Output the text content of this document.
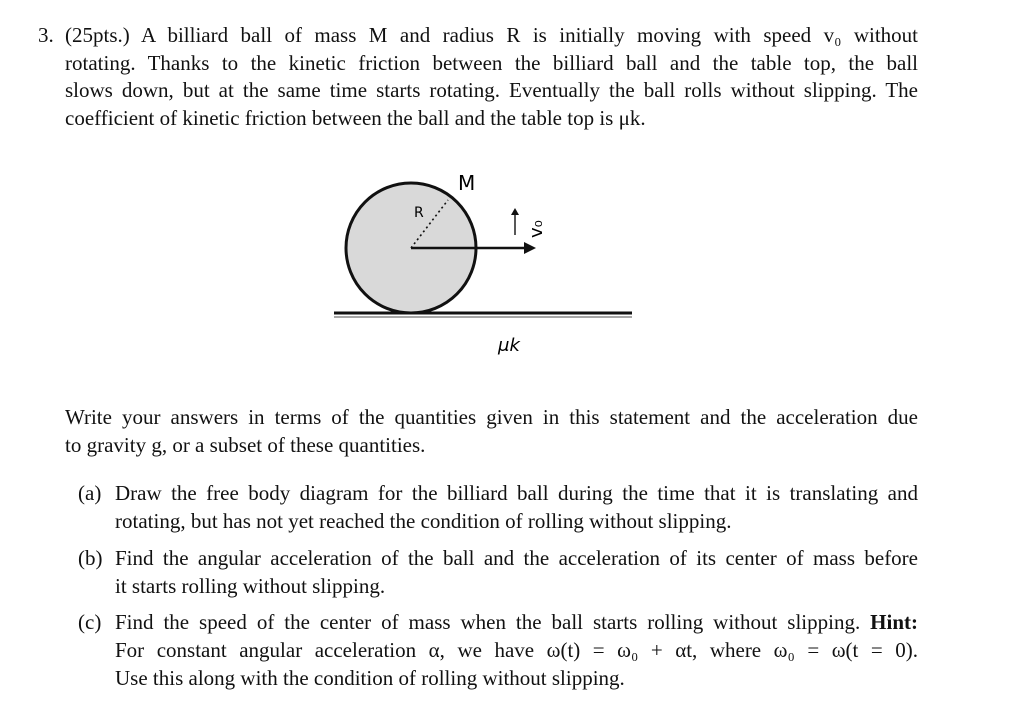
3. (25pts.) A billiard ball of mass M and radius R is initially moving with speed v₀ without
rotating. Thanks to the kinetic friction between the billiard ball and the table top, the ball
slows down, but at the same time starts rotating. Eventually the ball rolls without slipping. The
coefficient of kinetic friction between the ball and the table top is μk.
M
R
v₀
μk
Write your answers in terms of the quantities given in this statement and the acceleration due
to gravity g, or a subset of these quantities.
(a) Draw the free body diagram for the billiard ball during the time that it is translating and
rotating, but has not yet reached the condition of rolling without slipping.
(b) Find the angular acceleration of the ball and the acceleration of its center of mass before
it starts rolling without slipping.
(c) Find the speed of the center of mass when the ball starts rolling without slipping. Hint:
For constant angular acceleration α, we have ω(t) = ω₀ + αt, where ω₀ = ω(t = 0).
Use this along with the condition of rolling without slipping.
